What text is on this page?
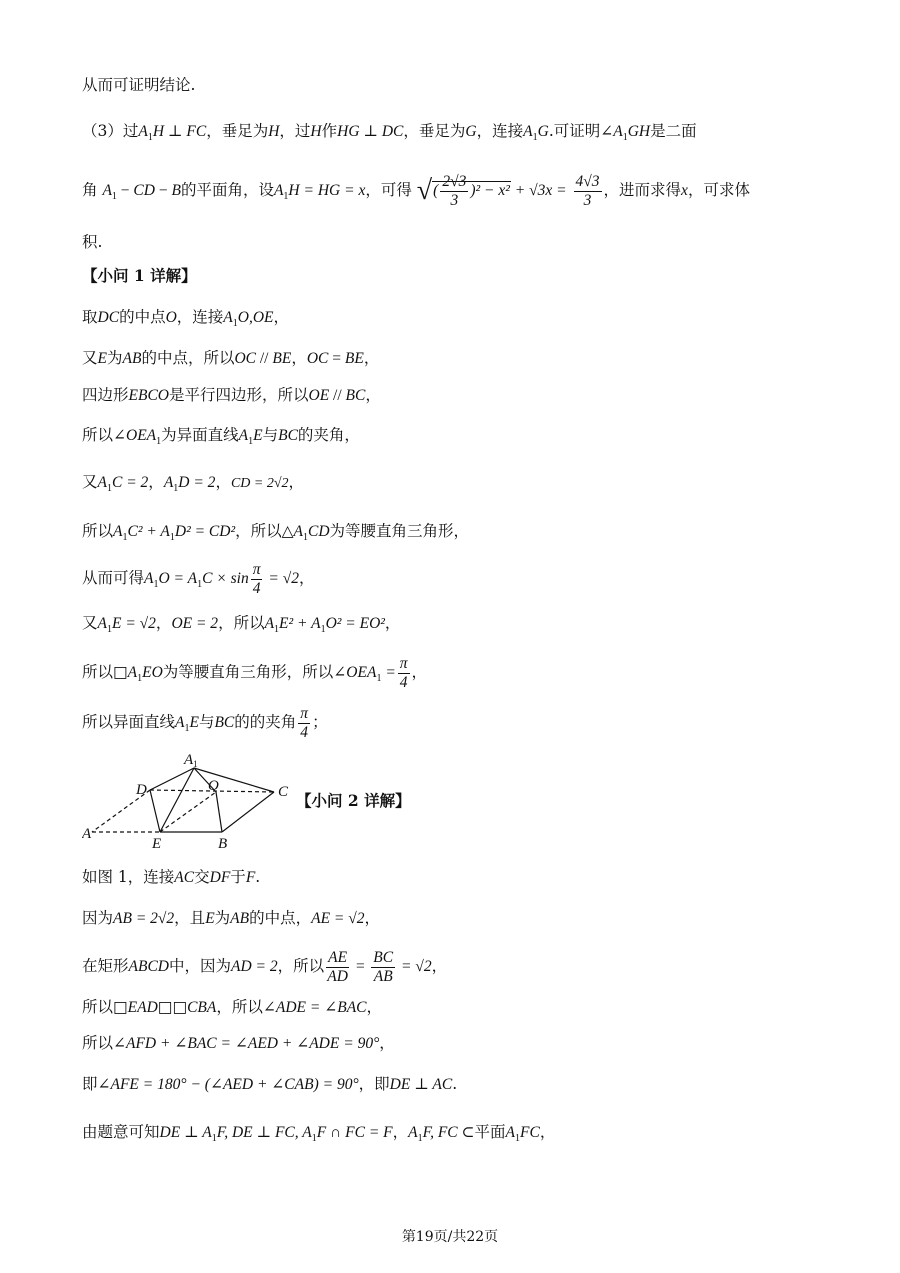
从而可证明结论.
（3）过$A_1H$ ⊥ FC，垂足为H，过H作HG ⊥ DC，垂足为G，连接$A_1G$.可证明$\angle A_1GH$是二面
角 $A_1$ − CD − B的平面角，设$A_1H$ = HG = x，可得 √( $\frac{2√3}{3} )^2 - x^2 + √3x = \frac{4√3}{3}$ ，进而求得x，可求体
积.
【小问 1 详解】
取DC的中点O，连接$A_1O,OE$，
又E为AB的中点，所以OC // BE，OC = BE，
四边形EBCO是平行四边形，所以OE // BC，
所以$\angle OEA_1$为异面直线$A_1E$与BC的夹角，
又$A_1C = 2$，$A_1D = 2$，CD = 2√2，
所以$A_1C^2 + A_1D^2 = CD^2$，所以$\triangle A_1CD$为等腰直角三角形，
从而可得$A_1O = A_1C \times \sin \frac{\pi}{4} = √2$，
又$A_1E = √2$，OE = 2，所以$A_1E^2 + A_1O^2 = EO^2$，
所以$□A_1EO$为等腰直角三角形，所以$\angle OEA_1 = \frac{\pi}{4}$ ，
所以异面直线$A_1E$与BC的的夹角 $\frac{\pi}{4}$ ；
$A_1$
D	O	C
A
E	B
【小问 2 详解】
如图 1，连接AC交DF于F.
因为AB = 2√2，且E为AB的中点，AE = √2，
在矩形ABCD中，因为AD = 2，所以 $\frac{AE}{AD} = \frac{BC}{AB} = √2$，
所以□EAD□□CBA，所以∠ADE = ∠BAC，
所以∠AFD + ∠BAC = ∠AED + ∠ADE = 90°，
即∠AFE = 180° − (∠AED + ∠CAB) = 90°，即DE ⊥ AC.
由题意可知DE ⊥ $A_1F$, DE ⊥ FC, $A_1F$ ∩ FC = F，$A_1F$, FC ⊂平面$A_1FC$，
第19页/共22页
